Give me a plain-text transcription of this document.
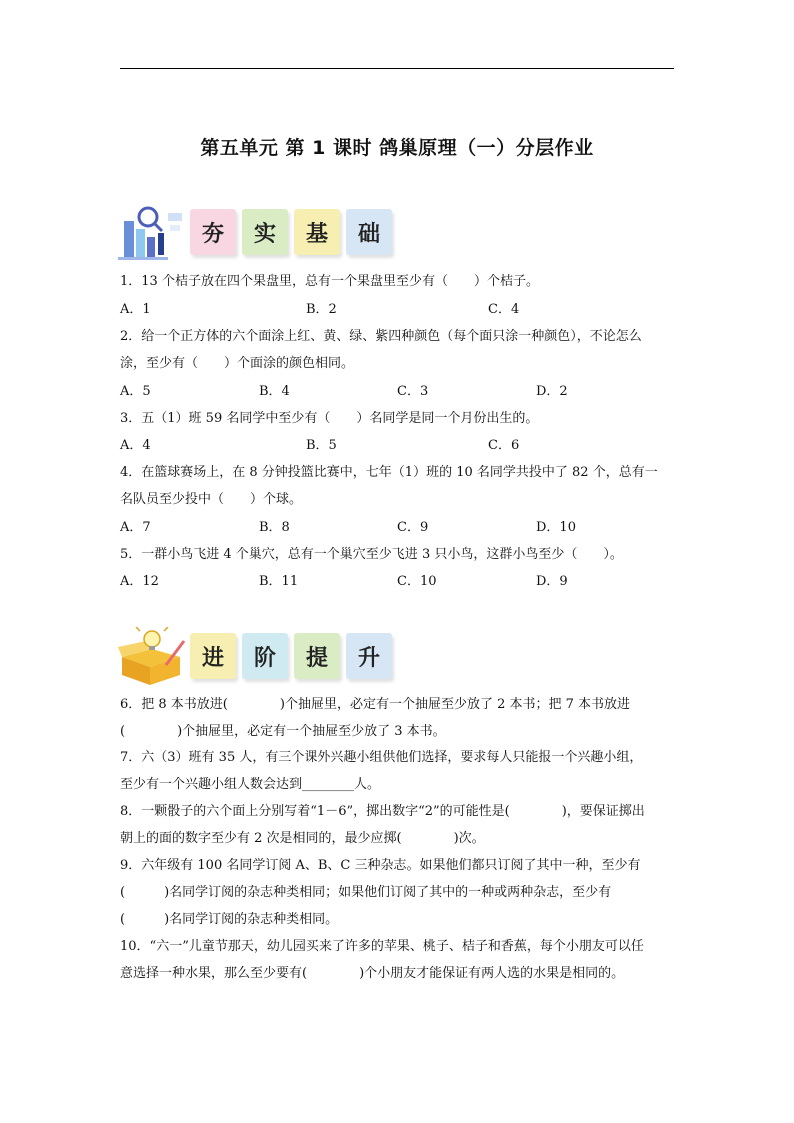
第五单元 第 1 课时 鸽巢原理（一）分层作业
夯	实	基	础
1．13 个桔子放在四个果盘里，总有一个果盘里至少有（　　）个桔子。
A．1	B．2	C．4
2．给一个正方体的六个面涂上红、黄、绿、紫四种颜色（每个面只涂一种颜色），不论怎么
涂，至少有（　　）个面涂的颜色相同。
A．5	B．4	C．3	D．2
3．五（1）班 59 名同学中至少有（　　）名同学是同一个月份出生的。
A．4	B．5	C．6
4．在篮球赛场上，在 8 分钟投篮比赛中，七年（1）班的 10 名同学共投中了 82 个，总有一
名队员至少投中（　　）个球。
A．7	B．8	C．9	D．10
5．一群小鸟飞进 4 个巢穴，总有一个巢穴至少飞进 3 只小鸟，这群小鸟至少（　　）。
A．12	B．11	C．10	D．9
进	阶	提	升
6．把 8 本书放进(　　　　)个抽屉里，必定有一个抽屉至少放了 2 本书；把 7 本书放进
(　　　　)个抽屉里，必定有一个抽屉至少放了 3 本书。
7．六（3）班有 35 人，有三个课外兴趣小组供他们选择，要求每人只能报一个兴趣小组，
至少有一个兴趣小组人数会达到________人。
8．一颗骰子的六个面上分别写着“1－6”，掷出数字“2”的可能性是(　　　　)，要保证掷出
朝上的面的数字至少有 2 次是相同的，最少应掷(　　　　)次。
9．六年级有 100 名同学订阅 A、B、C 三种杂志。如果他们都只订阅了其中一种，至少有
(　　　)名同学订阅的杂志种类相同；如果他们订阅了其中的一种或两种杂志，至少有
(　　　)名同学订阅的杂志种类相同。
10．“六一”儿童节那天，幼儿园买来了许多的苹果、桃子、桔子和香蕉，每个小朋友可以任
意选择一种水果，那么至少要有(　　　　)个小朋友才能保证有两人选的水果是相同的。
